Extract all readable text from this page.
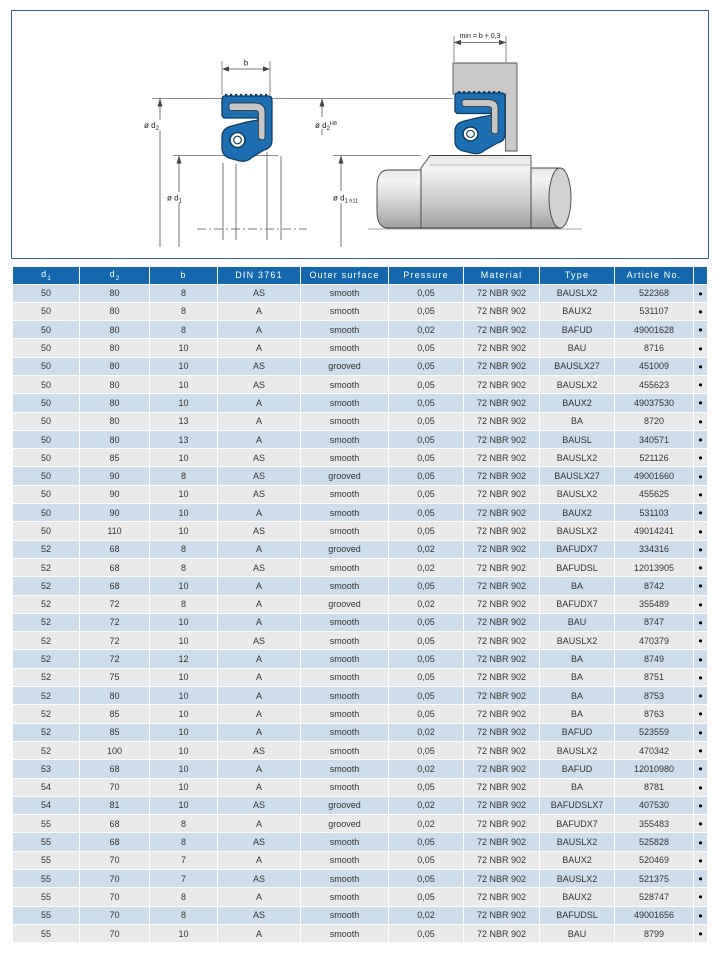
b
ø $d_2$
ø $d_1$
min = b + 0,3
ø $d_2^{H8}$
ø $d_1$ h11
$d_1$	$d_2$	b	DIN 3761	Outer surface	Pressure	Material	Type	Article No.	
50	80	8	AS	smooth	0,05	72 NBR 902	BAUSLX2	522368	●
50	80	8	A	smooth	0,05	72 NBR 902	BAUX2	531107	●
50	80	8	A	smooth	0,02	72 NBR 902	BAFUD	49001628	●
50	80	10	A	smooth	0,05	72 NBR 902	BAU	8716	●
50	80	10	AS	grooved	0,05	72 NBR 902	BAUSLX27	451009	●
50	80	10	AS	smooth	0,05	72 NBR 902	BAUSLX2	455623	●
50	80	10	A	smooth	0,05	72 NBR 902	BAUX2	49037530	●
50	80	13	A	smooth	0,05	72 NBR 902	BA	8720	●
50	80	13	A	smooth	0,05	72 NBR 902	BAUSL	340571	●
50	85	10	AS	smooth	0,05	72 NBR 902	BAUSLX2	521126	●
50	90	8	AS	grooved	0,05	72 NBR 902	BAUSLX27	49001660	●
50	90	10	AS	smooth	0,05	72 NBR 902	BAUSLX2	455625	●
50	90	10	A	smooth	0,05	72 NBR 902	BAUX2	531103	●
50	110	10	AS	smooth	0,05	72 NBR 902	BAUSLX2	49014241	●
52	68	8	A	grooved	0,02	72 NBR 902	BAFUDX7	334316	●
52	68	8	AS	smooth	0,02	72 NBR 902	BAFUDSL	12013905	●
52	68	10	A	smooth	0,05	72 NBR 902	BA	8742	●
52	72	8	A	grooved	0,02	72 NBR 902	BAFUDX7	355489	●
52	72	10	A	smooth	0,05	72 NBR 902	BAU	8747	●
52	72	10	AS	smooth	0,05	72 NBR 902	BAUSLX2	470379	●
52	72	12	A	smooth	0,05	72 NBR 902	BA	8749	●
52	75	10	A	smooth	0,05	72 NBR 902	BA	8751	●
52	80	10	A	smooth	0,05	72 NBR 902	BA	8753	●
52	85	10	A	smooth	0,05	72 NBR 902	BA	8763	●
52	85	10	A	smooth	0,02	72 NBR 902	BAFUD	523559	●
52	100	10	AS	smooth	0,05	72 NBR 902	BAUSLX2	470342	●
53	68	10	A	smooth	0,02	72 NBR 902	BAFUD	12010980	●
54	70	10	A	smooth	0,05	72 NBR 902	BA	8781	●
54	81	10	AS	grooved	0,02	72 NBR 902	BAFUDSLX7	407530	●
55	68	8	A	grooved	0,02	72 NBR 902	BAFUDX7	355483	●
55	68	8	AS	smooth	0,05	72 NBR 902	BAUSLX2	525828	●
55	70	7	A	smooth	0,05	72 NBR 902	BAUX2	520469	●
55	70	7	AS	smooth	0,05	72 NBR 902	BAUSLX2	521375	●
55	70	8	A	smooth	0,05	72 NBR 902	BAUX2	528747	●
55	70	8	AS	smooth	0,02	72 NBR 902	BAFUDSL	49001656	●
55	70	10	A	smooth	0,05	72 NBR 902	BAU	8799	●
